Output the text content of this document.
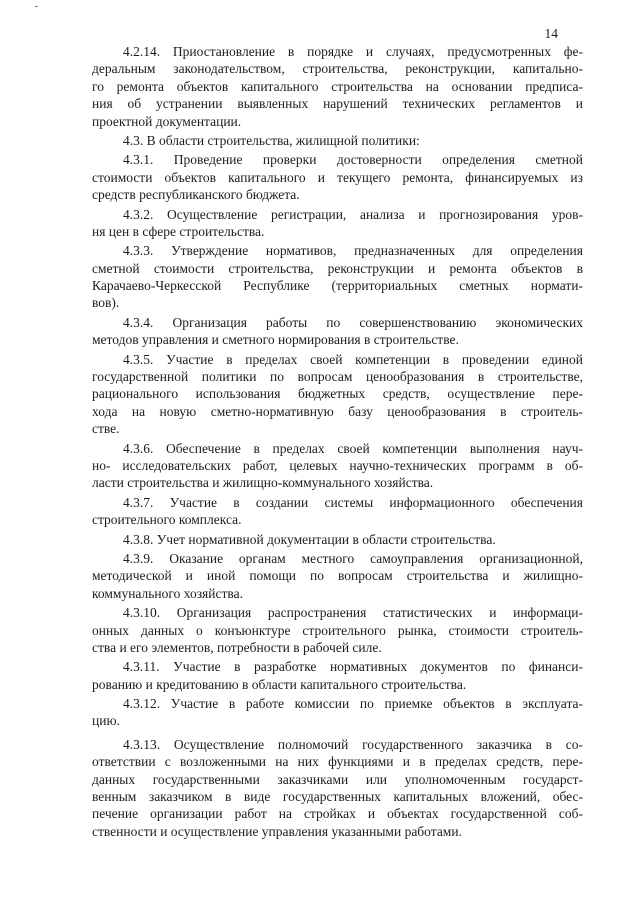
14
4.2.14. Приостановление в порядке и случаях, предусмотренных фе-
деральным законодательством, строительства, реконструкции, капитально-
го ремонта объектов капитального строительства на основании предписа-
ния об устранении выявленных нарушений технических регламентов и
проектной документации.
4.3. В области строительства, жилищной политики:
4.3.1. Проведение проверки достоверности определения сметной
стоимости объектов капитального и текущего ремонта, финансируемых из
средств республиканского бюджета.
4.3.2. Осуществление регистрации, анализа и прогнозирования уров-
ня цен в сфере строительства.
4.3.3. Утверждение нормативов, предназначенных для определения
сметной стоимости строительства, реконструкции и ремонта объектов в
Карачаево-Черкесской Республике (территориальных сметных нормати-
вов).
4.3.4. Организация работы по совершенствованию экономических
методов управления и сметного нормирования в строительстве.
4.3.5. Участие в пределах своей компетенции в проведении единой
государственной политики по вопросам ценообразования в строительстве,
рационального использования бюджетных средств, осуществление пере-
хода на новую сметно-нормативную базу ценообразования в строитель-
стве.
4.3.6. Обеспечение в пределах своей компетенции выполнения науч-
но- исследовательских работ, целевых научно-технических программ в об-
ласти строительства и жилищно-коммунального хозяйства.
4.3.7. Участие в создании системы информационного обеспечения
строительного комплекса.
4.3.8. Учет нормативной документации в области строительства.
4.3.9. Оказание органам местного самоуправления организационной,
методической и иной помощи по вопросам строительства и жилищно-
коммунального хозяйства.
4.3.10. Организация распространения статистических и информаци-
онных данных о конъюнктуре строительного рынка, стоимости строитель-
ства и его элементов, потребности в рабочей силе.
4.3.11. Участие в разработке нормативных документов по финанси-
рованию и кредитованию в области капитального строительства.
4.3.12. Участие в работе комиссии по приемке объектов в эксплуата-
цию.
4.3.13. Осуществление полномочий государственного заказчика в со-
ответствии с возложенными на них функциями и в пределах средств, пере-
данных государственными заказчиками или уполномоченным государст-
венным заказчиком в виде государственных капитальных вложений, обес-
печение организации работ на стройках и объектах государственной соб-
ственности и осуществление управления указанными работами.
